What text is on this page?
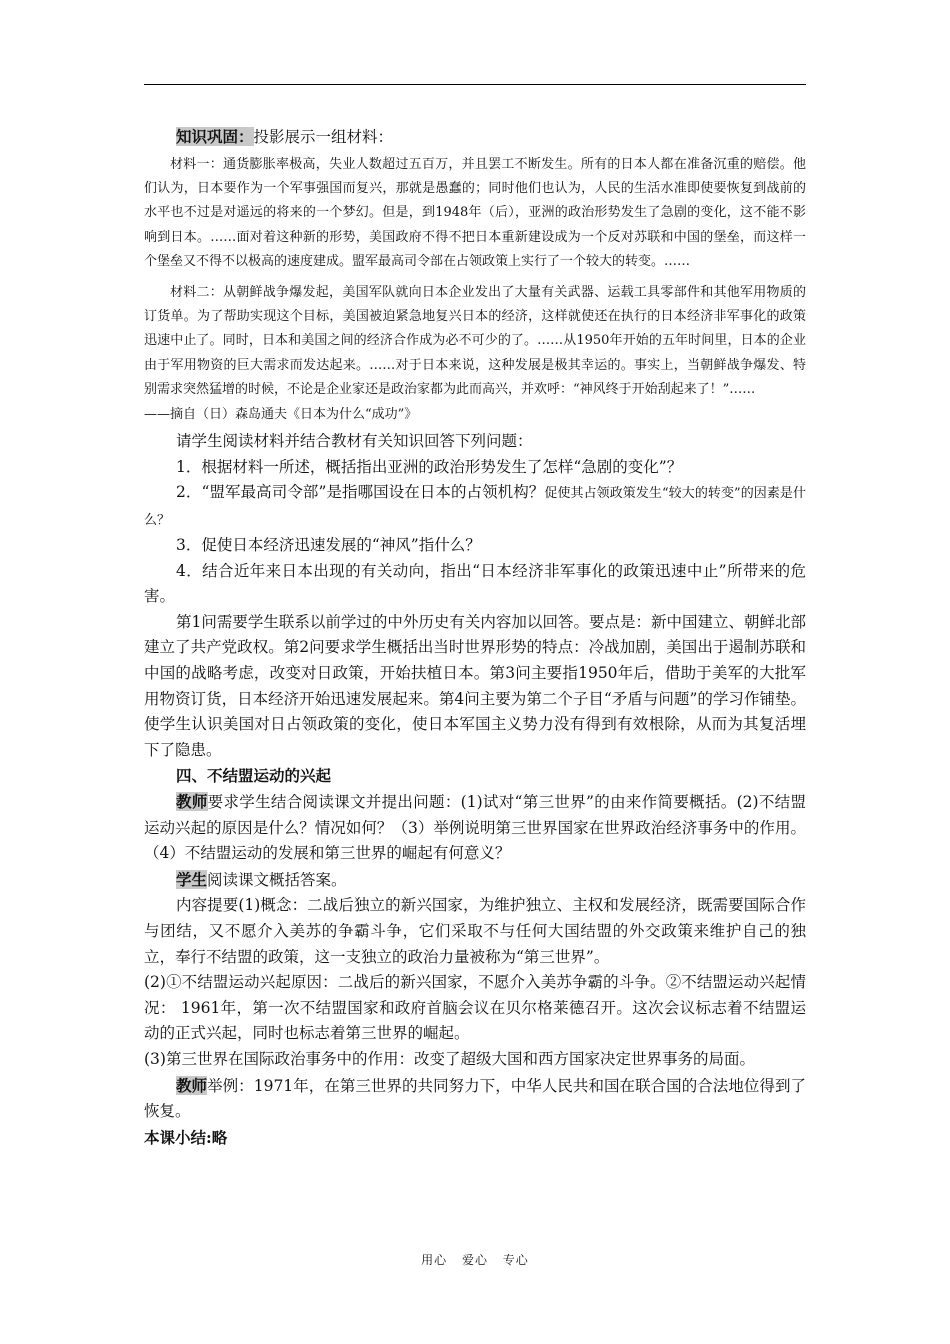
知识巩固：投影展示一组材料：

材料一：通货膨胀率极高，失业人数超过五百万，并且罢工不断发生。所有的日本人都在准备沉重的赔偿。他们认为，日本要作为一个军事强国而复兴，那就是愚蠢的；同时他们也认为，人民的生活水准即使要恢复到战前的水平也不过是对遥远的将来的一个梦幻。但是，到1948年（后），亚洲的政治形势发生了急剧的变化，这不能不影响到日本。……面对着这种新的形势，美国政府不得不把日本重新建设成为一个反对苏联和中国的堡垒，而这样一个堡垒又不得不以极高的速度建成。盟军最高司令部在占领政策上实行了一个较大的转变。……

材料二：从朝鲜战争爆发起，美国军队就向日本企业发出了大量有关武器、运载工具零部件和其他军用物质的订货单。为了帮助实现这个目标，美国被迫紧急地复兴日本的经济，这样就使还在执行的日本经济非军事化的政策迅速中止了。同时，日本和美国之间的经济合作成为必不可少的了。……从1950年开始的五年时间里，日本的企业由于军用物资的巨大需求而发达起来。……对于日本来说，这种发展是极其幸运的。事实上，当朝鲜战争爆发、特别需求突然猛增的时候，不论是企业家还是政治家都为此而高兴，并欢呼：“神风终于开始刮起来了！”……

——摘自（日）森岛通夫《日本为什么“成功”》

请学生阅读材料并结合教材有关知识回答下列问题：

1．根据材料一所述，概括指出亚洲的政治形势发生了怎样“急剧的变化”？

2．“盟军最高司令部”是指哪国设在日本的占领机构？促使其占领政策发生“较大的转变”的因素是什么？

3．促使日本经济迅速发展的“神风”指什么？

4．结合近年来日本出现的有关动向，指出“日本经济非军事化的政策迅速中止”所带来的危害。

第1问需要学生联系以前学过的中外历史有关内容加以回答。要点是：新中国建立、朝鲜北部建立了共产党政权。第2问要求学生概括出当时世界形势的特点：冷战加剧，美国出于遏制苏联和中国的战略考虑，改变对日政策，开始扶植日本。第3问主要指1950年后，借助于美军的大批军用物资订货，日本经济开始迅速发展起来。第4问主要为第二个子目“矛盾与问题”的学习作铺垫。使学生认识美国对日占领政策的变化，使日本军国主义势力没有得到有效根除，从而为其复活埋下了隐患。

四、不结盟运动的兴起

教师要求学生结合阅读课文并提出问题：(1)试对“第三世界”的由来作简要概括。(2)不结盟运动兴起的原因是什么？情况如何？（3）举例说明第三世界国家在世界政治经济事务中的作用。（4）不结盟运动的发展和第三世界的崛起有何意义？

学生阅读课文概括答案。

内容提要(1)概念：二战后独立的新兴国家，为维护独立、主权和发展经济，既需要国际合作与团结，又不愿介入美苏的争霸斗争，它们采取不与任何大国结盟的外交政策来维护自己的独立，奉行不结盟的政策，这一支独立的政治力量被称为“第三世界”。

(2)①不结盟运动兴起原因：二战后的新兴国家，不愿介入美苏争霸的斗争。②不结盟运动兴起情况： 1961年，第一次不结盟国家和政府首脑会议在贝尔格莱德召开。这次会议标志着不结盟运动的正式兴起，同时也标志着第三世界的崛起。

(3)第三世界在国际政治事务中的作用：改变了超级大国和西方国家决定世界事务的局面。

教师举例：1971年，在第三世界的共同努力下，中华人民共和国在联合国的合法地位得到了恢复。

本课小结:略

用心 爱心 专心
